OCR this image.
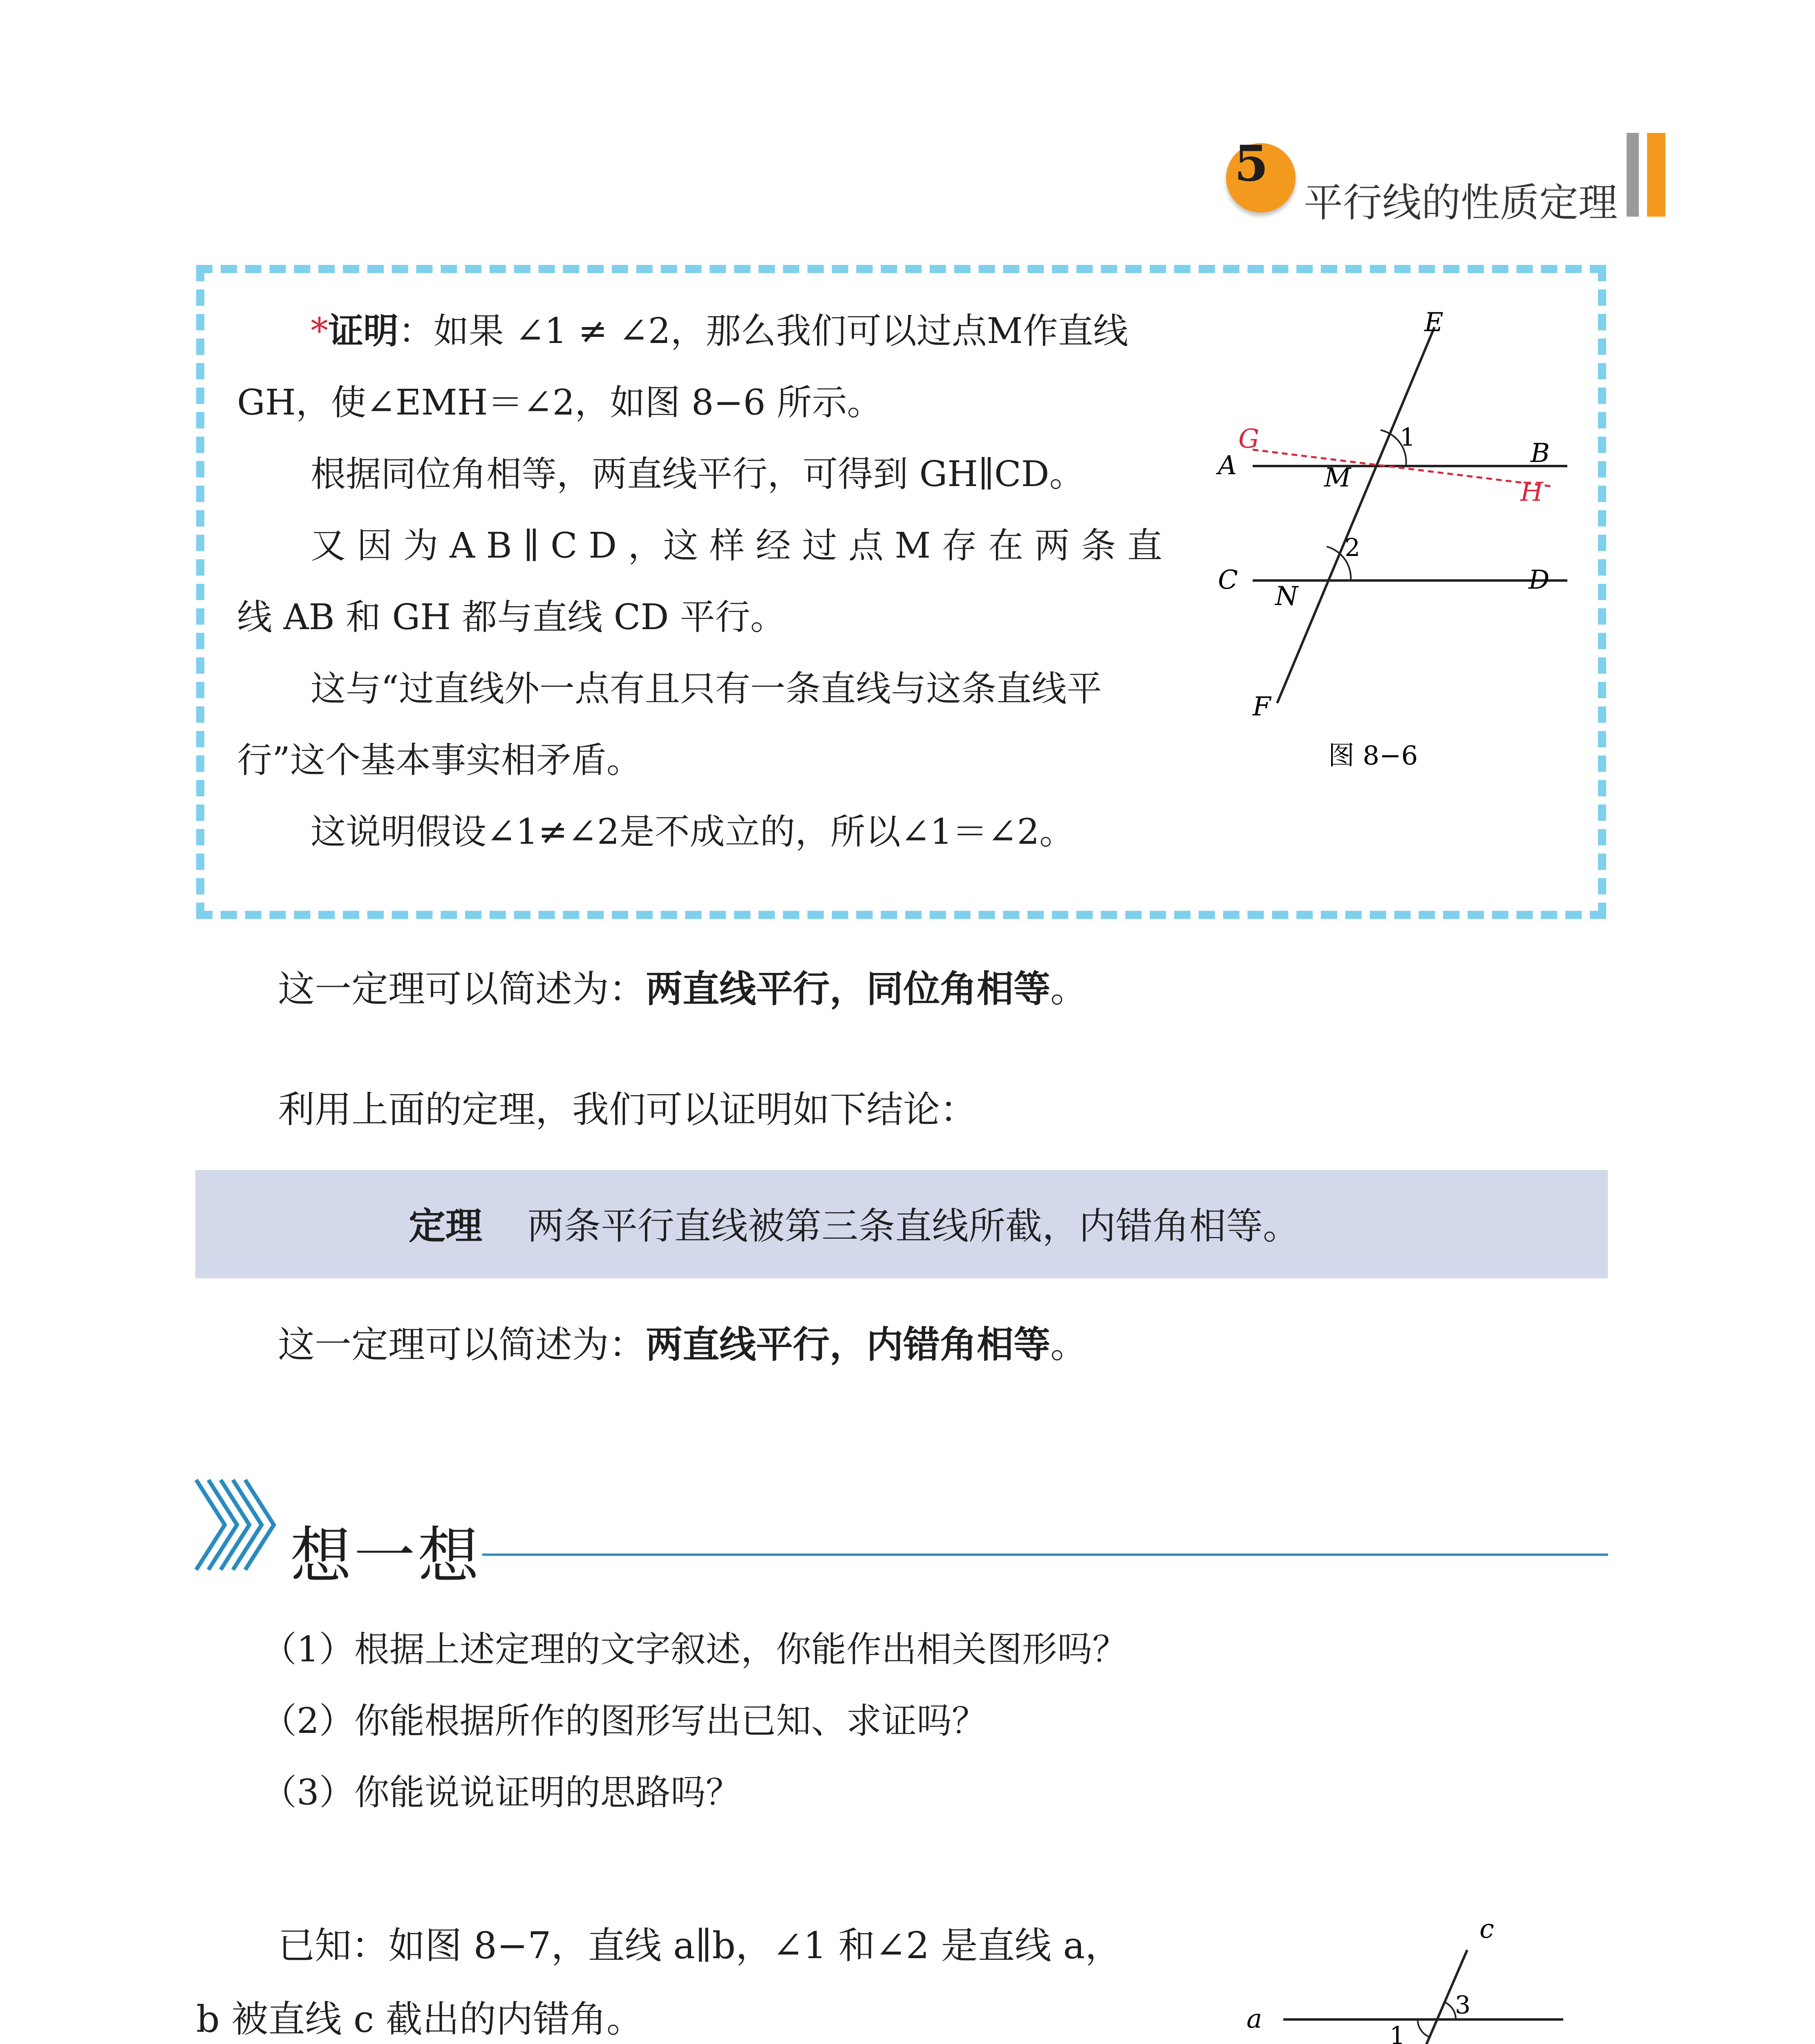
5
平行线的性质定理
*证明：如果 ∠1 ≠ ∠2，那么我们可以过点M作直线
GH，使∠EMH＝∠2，如图 8−6 所示。
根据同位角相等，两直线平行，可得到 GH∥CD。
又 因 为 A B ∥ C D ，这 样 经 过 点 M 存 在 两 条 直
线 AB 和 GH 都与直线 CD 平行。
这与“过直线外一点有且只有一条直线与这条直线平
行”这个基本事实相矛盾。
这说明假设∠1≠∠2是不成立的，所以∠1＝∠2。
E
G	1
B
A	M	H
2
C
N
D
F
图 8−6
这一定理可以简述为：两直线平行，同位角相等。
利用上面的定理，我们可以证明如下结论：
定理 两条平行直线被第三条直线所截，内错角相等。
这一定理可以简述为：两直线平行，内错角相等。
想一想
（1）根据上述定理的文字叙述，你能作出相关图形吗？
（2）你能根据所作的图形写出已知、求证吗？
（3）你能说说证明的思路吗？
已知：如图 8−7，直线 a∥b，∠1 和∠2 是直线 a，
b 被直线 c 截出的内错角。
c
a	3
1
